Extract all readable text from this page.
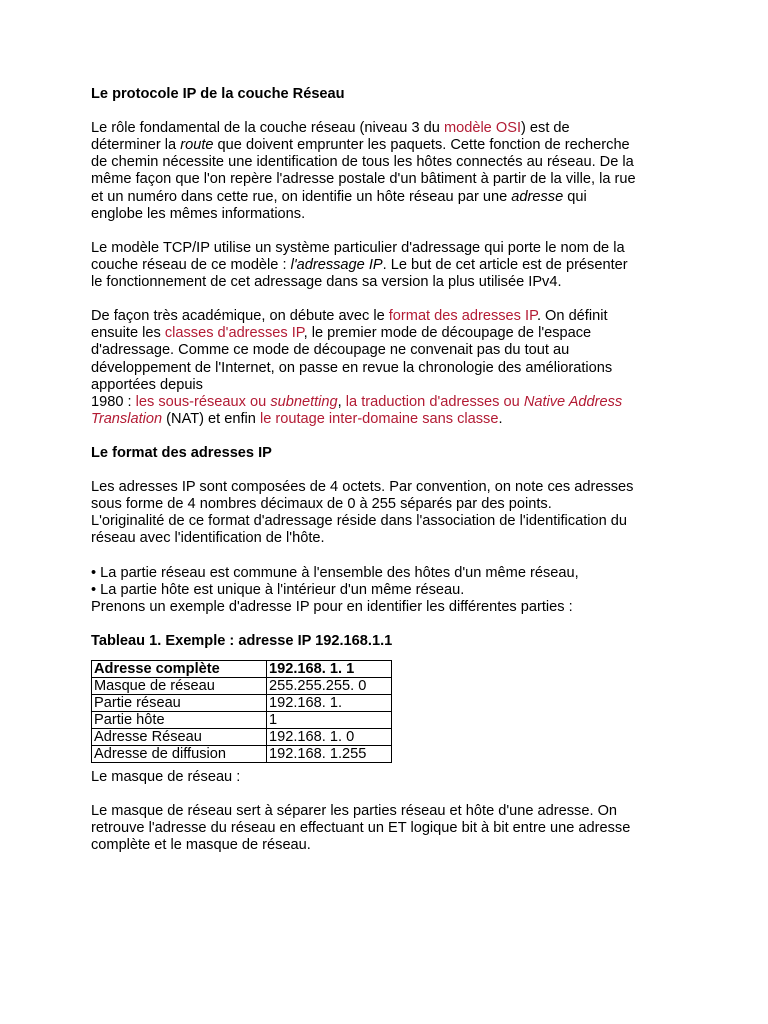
Le protocole IP de la couche Réseau
Le rôle fondamental de la couche réseau (niveau 3 du modèle OSI) est de
déterminer la route que doivent emprunter les paquets. Cette fonction de recherche
de chemin nécessite une identification de tous les hôtes connectés au réseau. De la
même façon que l'on repère l'adresse postale d'un bâtiment à partir de la ville, la rue
et un numéro dans cette rue, on identifie un hôte réseau par une adresse qui
englobe les mêmes informations.
Le modèle TCP/IP utilise un système particulier d'adressage qui porte le nom de la
couche réseau de ce modèle : l'adressage IP. Le but de cet article est de présenter
le fonctionnement de cet adressage dans sa version la plus utilisée IPv4.
De façon très académique, on débute avec le format des adresses IP. On définit
ensuite les classes d'adresses IP, le premier mode de découpage de l'espace
d'adressage. Comme ce mode de découpage ne convenait pas du tout au
développement de l'Internet, on passe en revue la chronologie des améliorations
apportées depuis
1980 : les sous-réseaux ou subnetting, la traduction d'adresses ou Native Address
Translation (NAT) et enfin le routage inter-domaine sans classe.
Le format des adresses IP
Les adresses IP sont composées de 4 octets. Par convention, on note ces adresses
sous forme de 4 nombres décimaux de 0 à 255 séparés par des points.
L'originalité de ce format d'adressage réside dans l'association de l'identification du
réseau avec l'identification de l'hôte.
• La partie réseau est commune à l'ensemble des hôtes d'un même réseau,
• La partie hôte est unique à l'intérieur d'un même réseau.
Prenons un exemple d'adresse IP pour en identifier les différentes parties :
Tableau 1. Exemple : adresse IP 192.168.1.1
Adresse complète	192.168. 1. 1
Masque de réseau	255.255.255. 0
Partie réseau	192.168. 1.
Partie hôte	1
Adresse Réseau	192.168. 1. 0
Adresse de diffusion	192.168. 1.255
Le masque de réseau :
Le masque de réseau sert à séparer les parties réseau et hôte d'une adresse. On
retrouve l'adresse du réseau en effectuant un ET logique bit à bit entre une adresse
complète et le masque de réseau.
